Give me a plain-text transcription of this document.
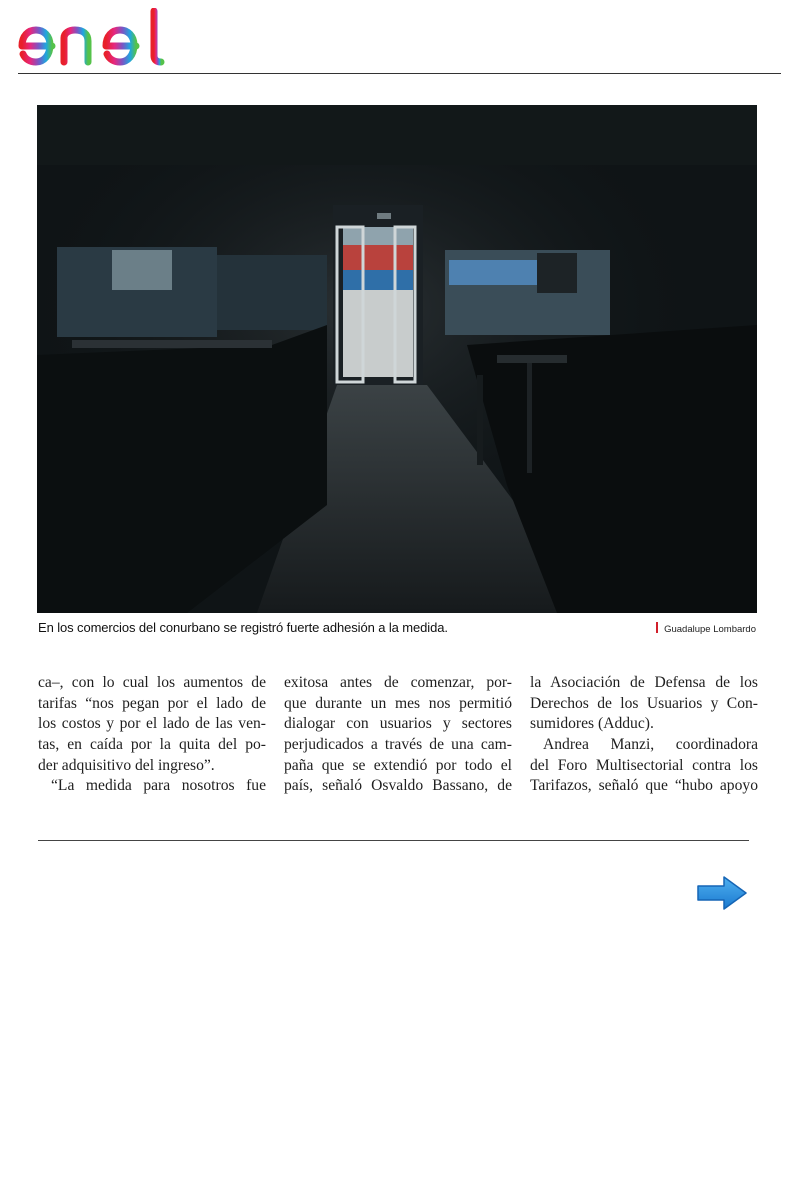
En los comercios del conurbano se registró fuerte adhesión a la medida.	Guadalupe Lombardo
ca–, con lo cual los aumentos de
tarifas “nos pegan por el lado de
los costos y por el lado de las ven-
tas, en caída por la quita del po-
der adquisitivo del ingreso”.
“La medida para nosotros fue
exitosa antes de comenzar, por-
que durante un mes nos permitió
dialogar con usuarios y sectores
perjudicados a través de una cam-
paña que se extendió por todo el
país, señaló Osvaldo Bassano, de
la Asociación de Defensa de los
Derechos de los Usuarios y Con-
sumidores (Adduc).
Andrea Manzi, coordinadora
del Foro Multisectorial contra los
Tarifazos, señaló que “hubo apoyo
